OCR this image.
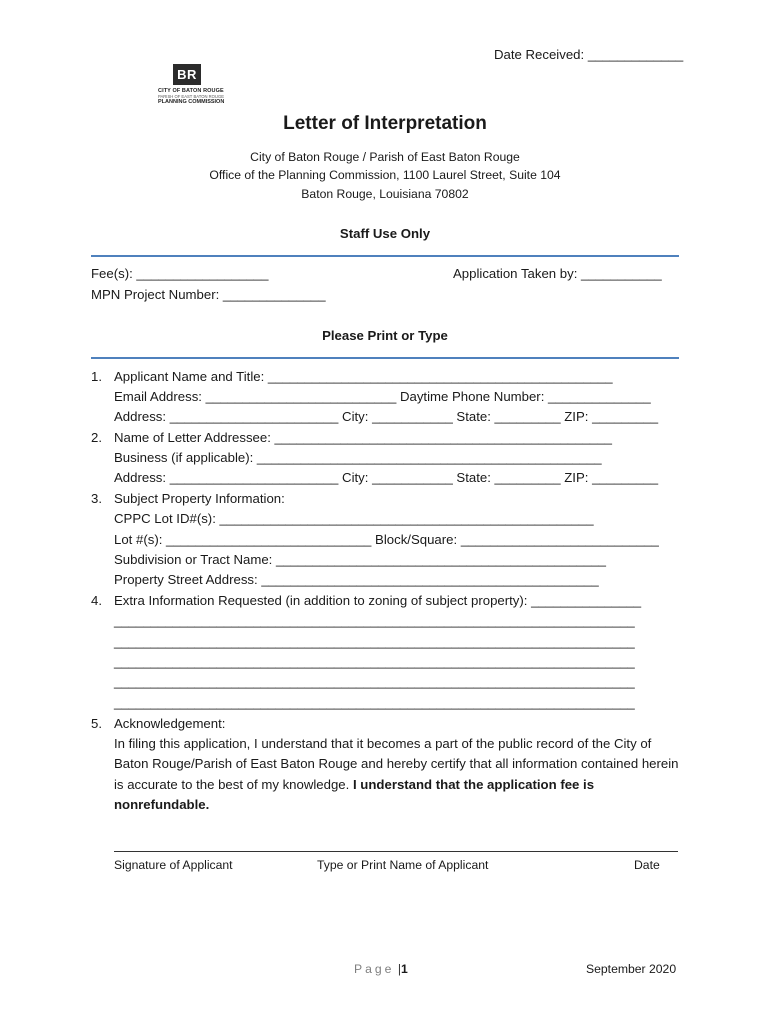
Date Received: _____________
BR
CITY OF BATON ROUGE
PARISH OF EAST BATON ROUGE
PLANNING COMMISSION
Letter of Interpretation
City of Baton Rouge / Parish of East Baton Rouge
Office of the Planning Commission, 1100 Laurel Street, Suite 104
Baton Rouge, Louisiana 70802
Staff Use Only
Fee(s): __________________	Application Taken by: ___________
MPN Project Number: ______________
Please Print or Type
1. Applicant Name and Title: _______________________________________________
Email Address: __________________________ Daytime Phone Number: ______________
Address: _______________________ City: ___________ State: _________ ZIP: _________
2. Name of Letter Addressee: ______________________________________________
Business (if applicable): _______________________________________________
Address: _______________________ City: ___________ State: _________ ZIP: _________
3. Subject Property Information:
CPPC Lot ID#(s): ___________________________________________________
Lot #(s): ____________________________ Block/Square: ___________________________
Subdivision or Tract Name: _____________________________________________
Property Street Address: ______________________________________________
4. Extra Information Requested (in addition to zoning of subject property): _______________
_______________________________________________________________________
_______________________________________________________________________
_______________________________________________________________________
_______________________________________________________________________
_______________________________________________________________________
5. Acknowledgement:
In filing this application, I understand that it becomes a part of the public record of the City of Baton Rouge/Parish of East Baton Rouge and hereby certify that all information contained herein is accurate to the best of my knowledge. I understand that the application fee is nonrefundable.
Signature of Applicant	Type or Print Name of Applicant	Date
Page |1	September 2020
